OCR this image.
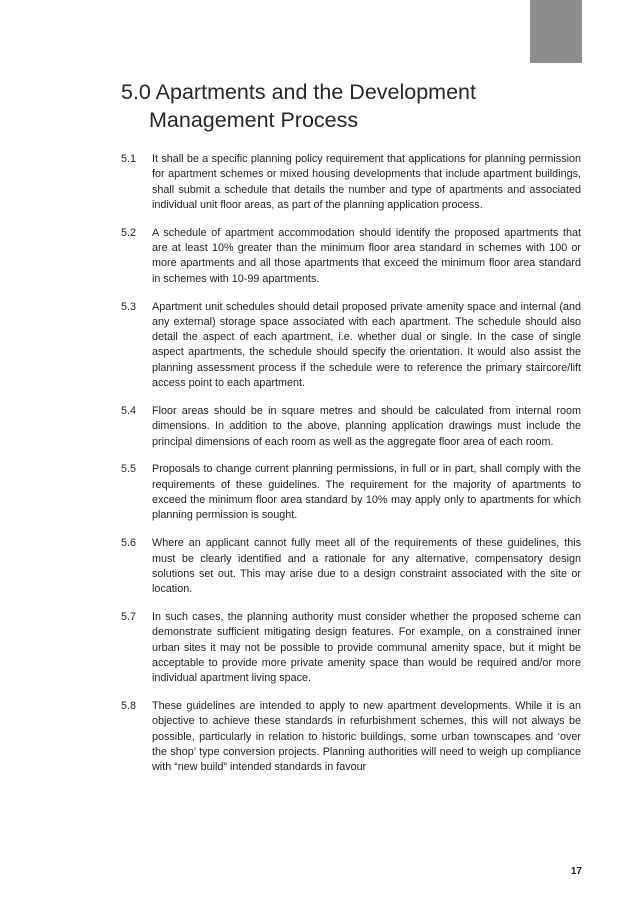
5.0 Apartments and the Development
Management Process
5.1	It shall be a specific planning policy requirement that applications for planning permission for apartment schemes or mixed housing developments that include apartment buildings, shall submit a schedule that details the number and type of apartments and associated individual unit floor areas, as part of the planning application process.
5.2	A schedule of apartment accommodation should identify the proposed apartments that are at least 10% greater than the minimum floor area standard in schemes with 100 or more apartments and all those apartments that exceed the minimum floor area standard in schemes with 10-99 apartments.
5.3	Apartment unit schedules should detail proposed private amenity space and internal (and any external) storage space associated with each apartment. The schedule should also detail the aspect of each apartment, i.e. whether dual or single. In the case of single aspect apartments, the schedule should specify the orientation. It would also assist the planning assessment process if the schedule were to reference the primary staircore/lift access point to each apartment.
5.4	Floor areas should be in square metres and should be calculated from internal room dimensions. In addition to the above, planning application drawings must include the principal dimensions of each room as well as the aggregate floor area of each room.
5.5	Proposals to change current planning permissions, in full or in part, shall comply with the requirements of these guidelines. The requirement for the majority of apartments to exceed the minimum floor area standard by 10% may apply only to apartments for which planning permission is sought.
5.6	Where an applicant cannot fully meet all of the requirements of these guidelines, this must be clearly identified and a rationale for any alternative, compensatory design solutions set out. This may arise due to a design constraint associated with the site or location.
5.7	In such cases, the planning authority must consider whether the proposed scheme can demonstrate sufficient mitigating design features. For example, on a constrained inner urban sites it may not be possible to provide communal amenity space, but it might be acceptable to provide more private amenity space than would be required and/or more individual apartment living space.
5.8	These guidelines are intended to apply to new apartment developments. While it is an objective to achieve these standards in refurbishment schemes, this will not always be possible, particularly in relation to historic buildings, some urban townscapes and ‘over the shop’ type conversion projects. Planning authorities will need to weigh up compliance with “new build” intended standards in favour
17
